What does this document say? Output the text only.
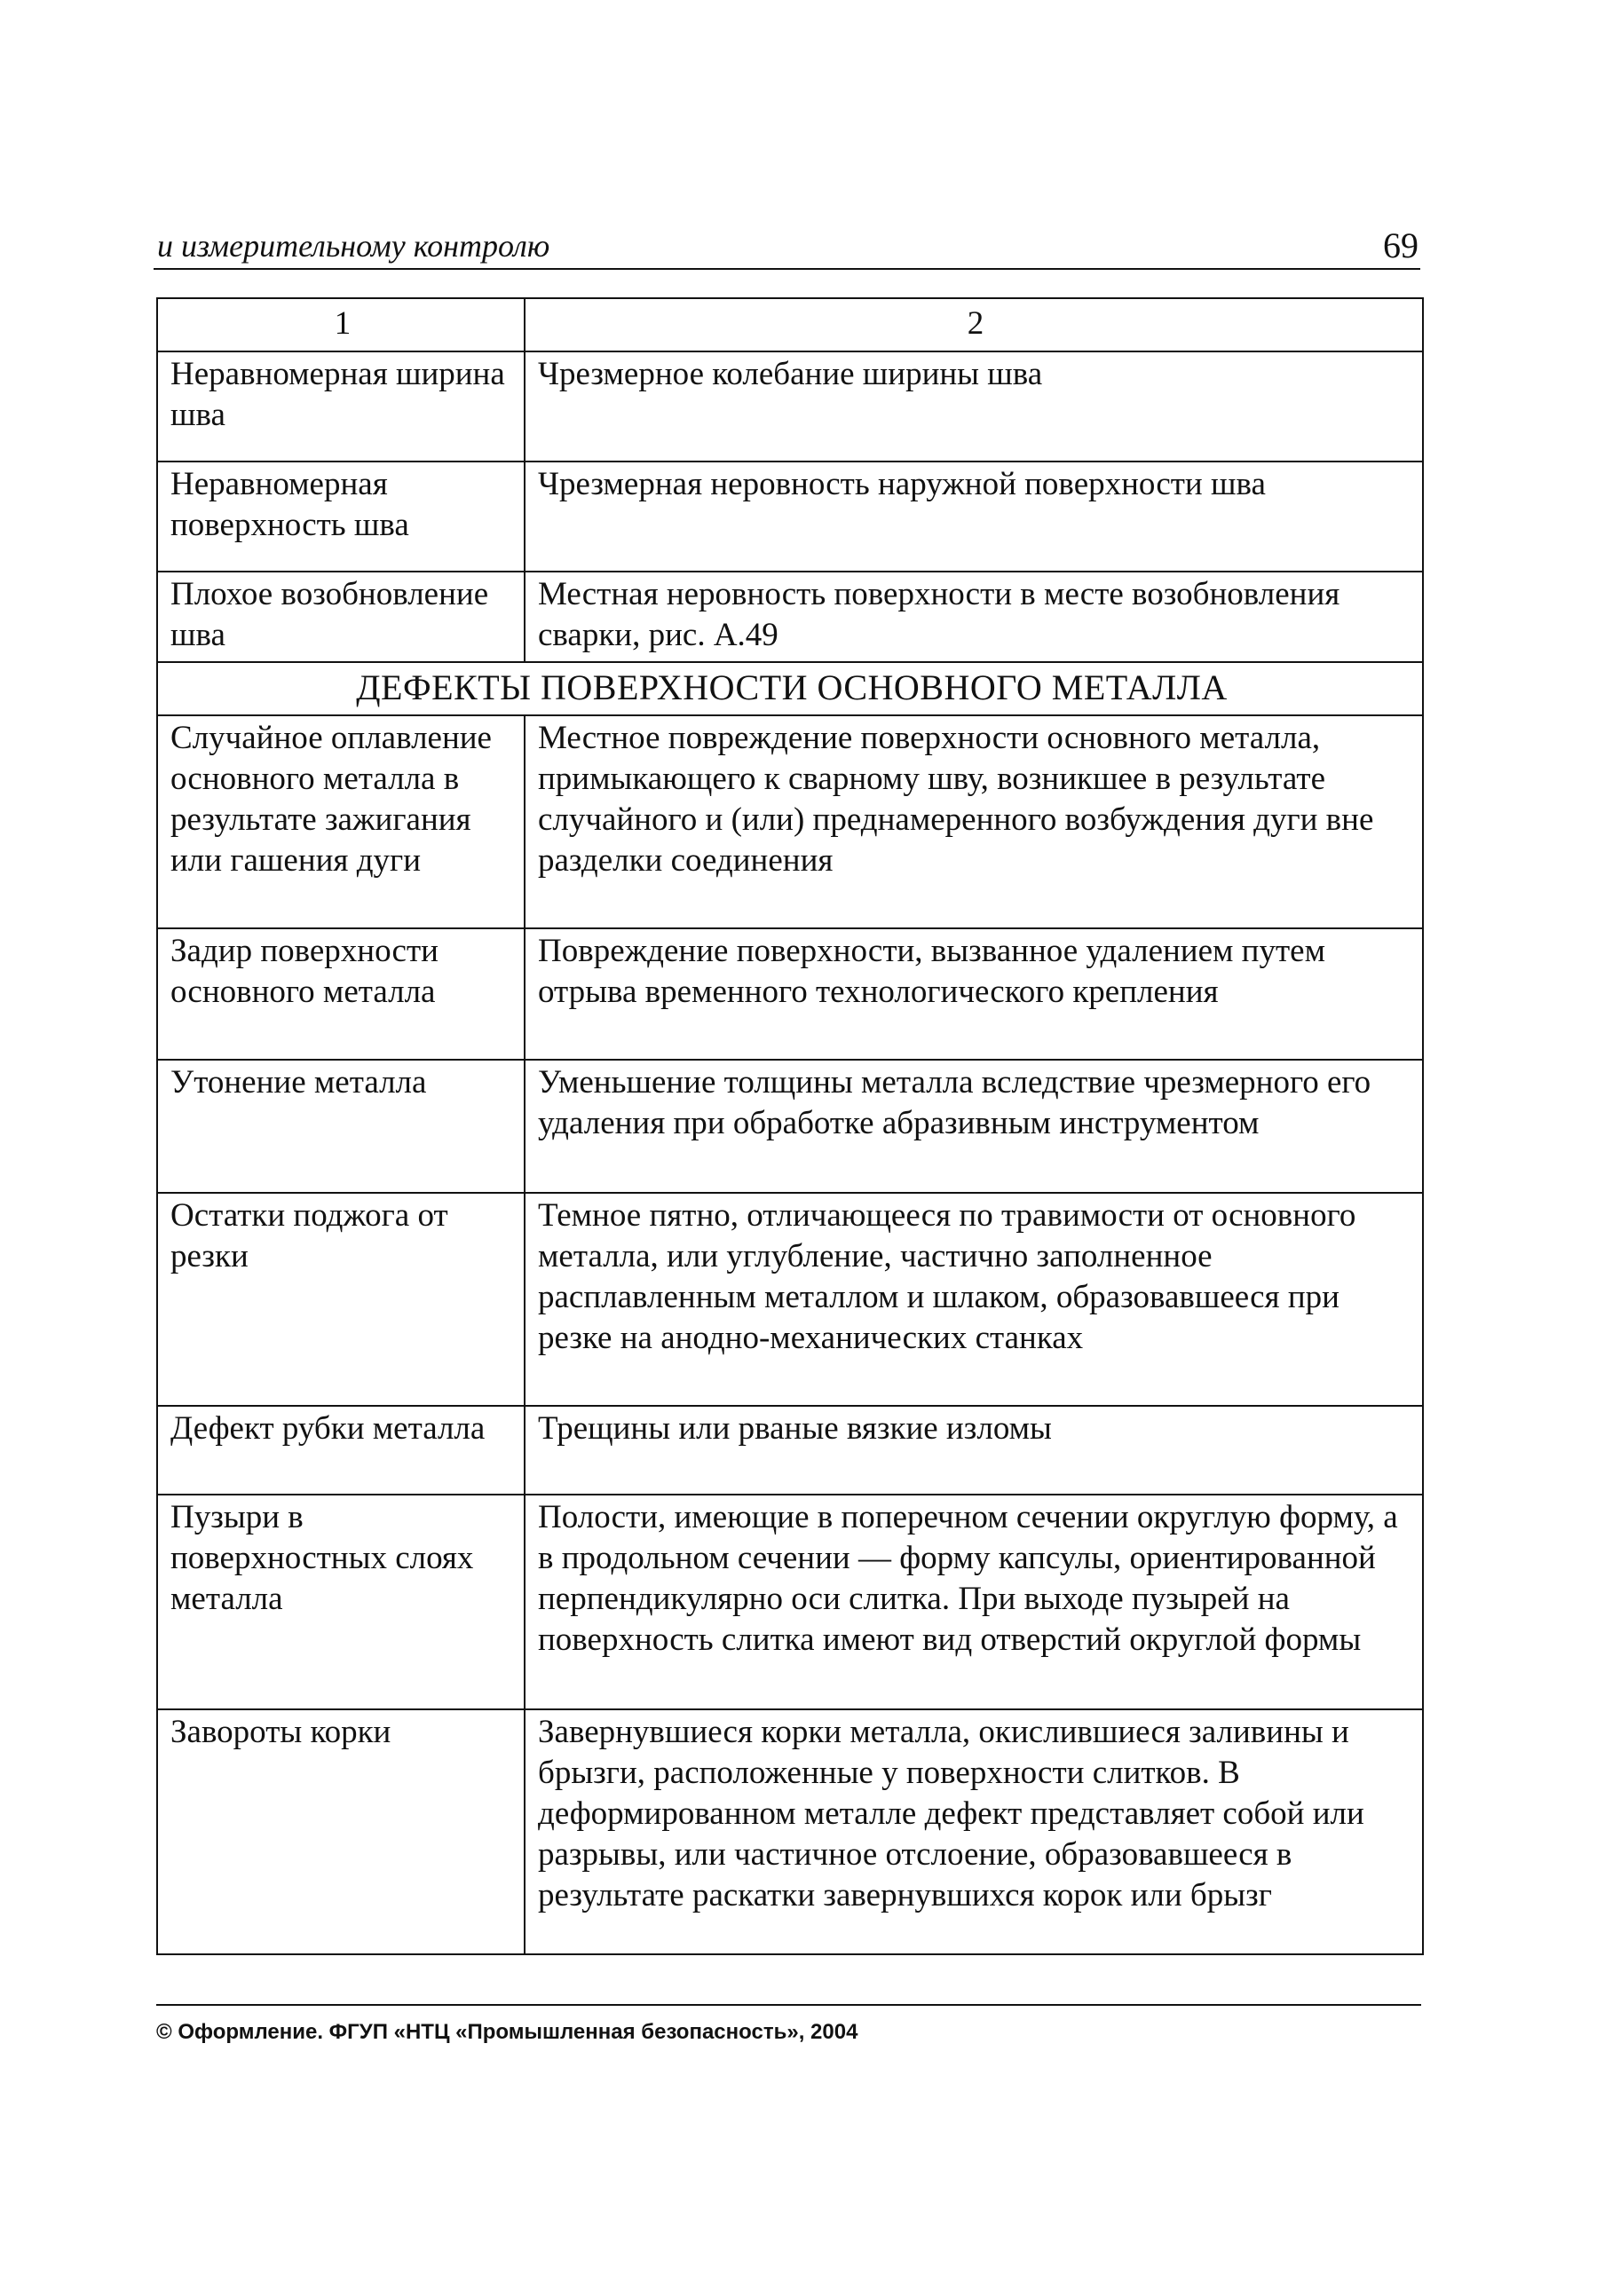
и измерительному контролю	69
1	2
Неравномерная ширина шва	Чрезмерное колебание ширины шва
Неравномерная поверхность шва	Чрезмерная неровность наружной поверхности шва
Плохое возобновление шва	Местная неровность поверхности в месте возобновления сварки, рис. А.49
ДЕФЕКТЫ ПОВЕРХНОСТИ ОСНОВНОГО МЕТАЛЛА	
Случайное оплавление основного металла в результате зажигания или гашения дуги	Местное повреждение поверхности основного металла, примыкающего к сварному шву, возникшее в результате случайного и (или) преднамеренного возбуждения дуги вне разделки соединения
Задир поверхности основного металла	Повреждение поверхности, вызванное удалением путем отрыва временного технологического крепления
Утонение металла	Уменьшение толщины металла вследствие чрезмерного его удаления при обработке абразивным инструментом
Остатки поджога от резки	Темное пятно, отличающееся по травимости от основного металла, или углубление, частично заполненное расплавленным металлом и шлаком, образовавшееся при резке на анодно-механических станках
Дефект рубки металла	Трещины или рваные вязкие изломы
Пузыри в поверхностных слоях металла	Полости, имеющие в поперечном сечении округлую форму, а в продольном сечении — форму капсулы, ориентированной перпендикулярно оси слитка. При выходе пузырей на поверхность слитка имеют вид отверстий округлой формы
Завороты корки	Завернувшиеся корки металла, окислившиеся заливины и брызги, расположенные у поверхности слитков. В деформированном металле дефект представляет собой или разрывы, или частичное отслоение, образовавшееся в результате раскатки завернувшихся корок или брызг
© Оформление. ФГУП «НТЦ «Промышленная безопасность», 2004
